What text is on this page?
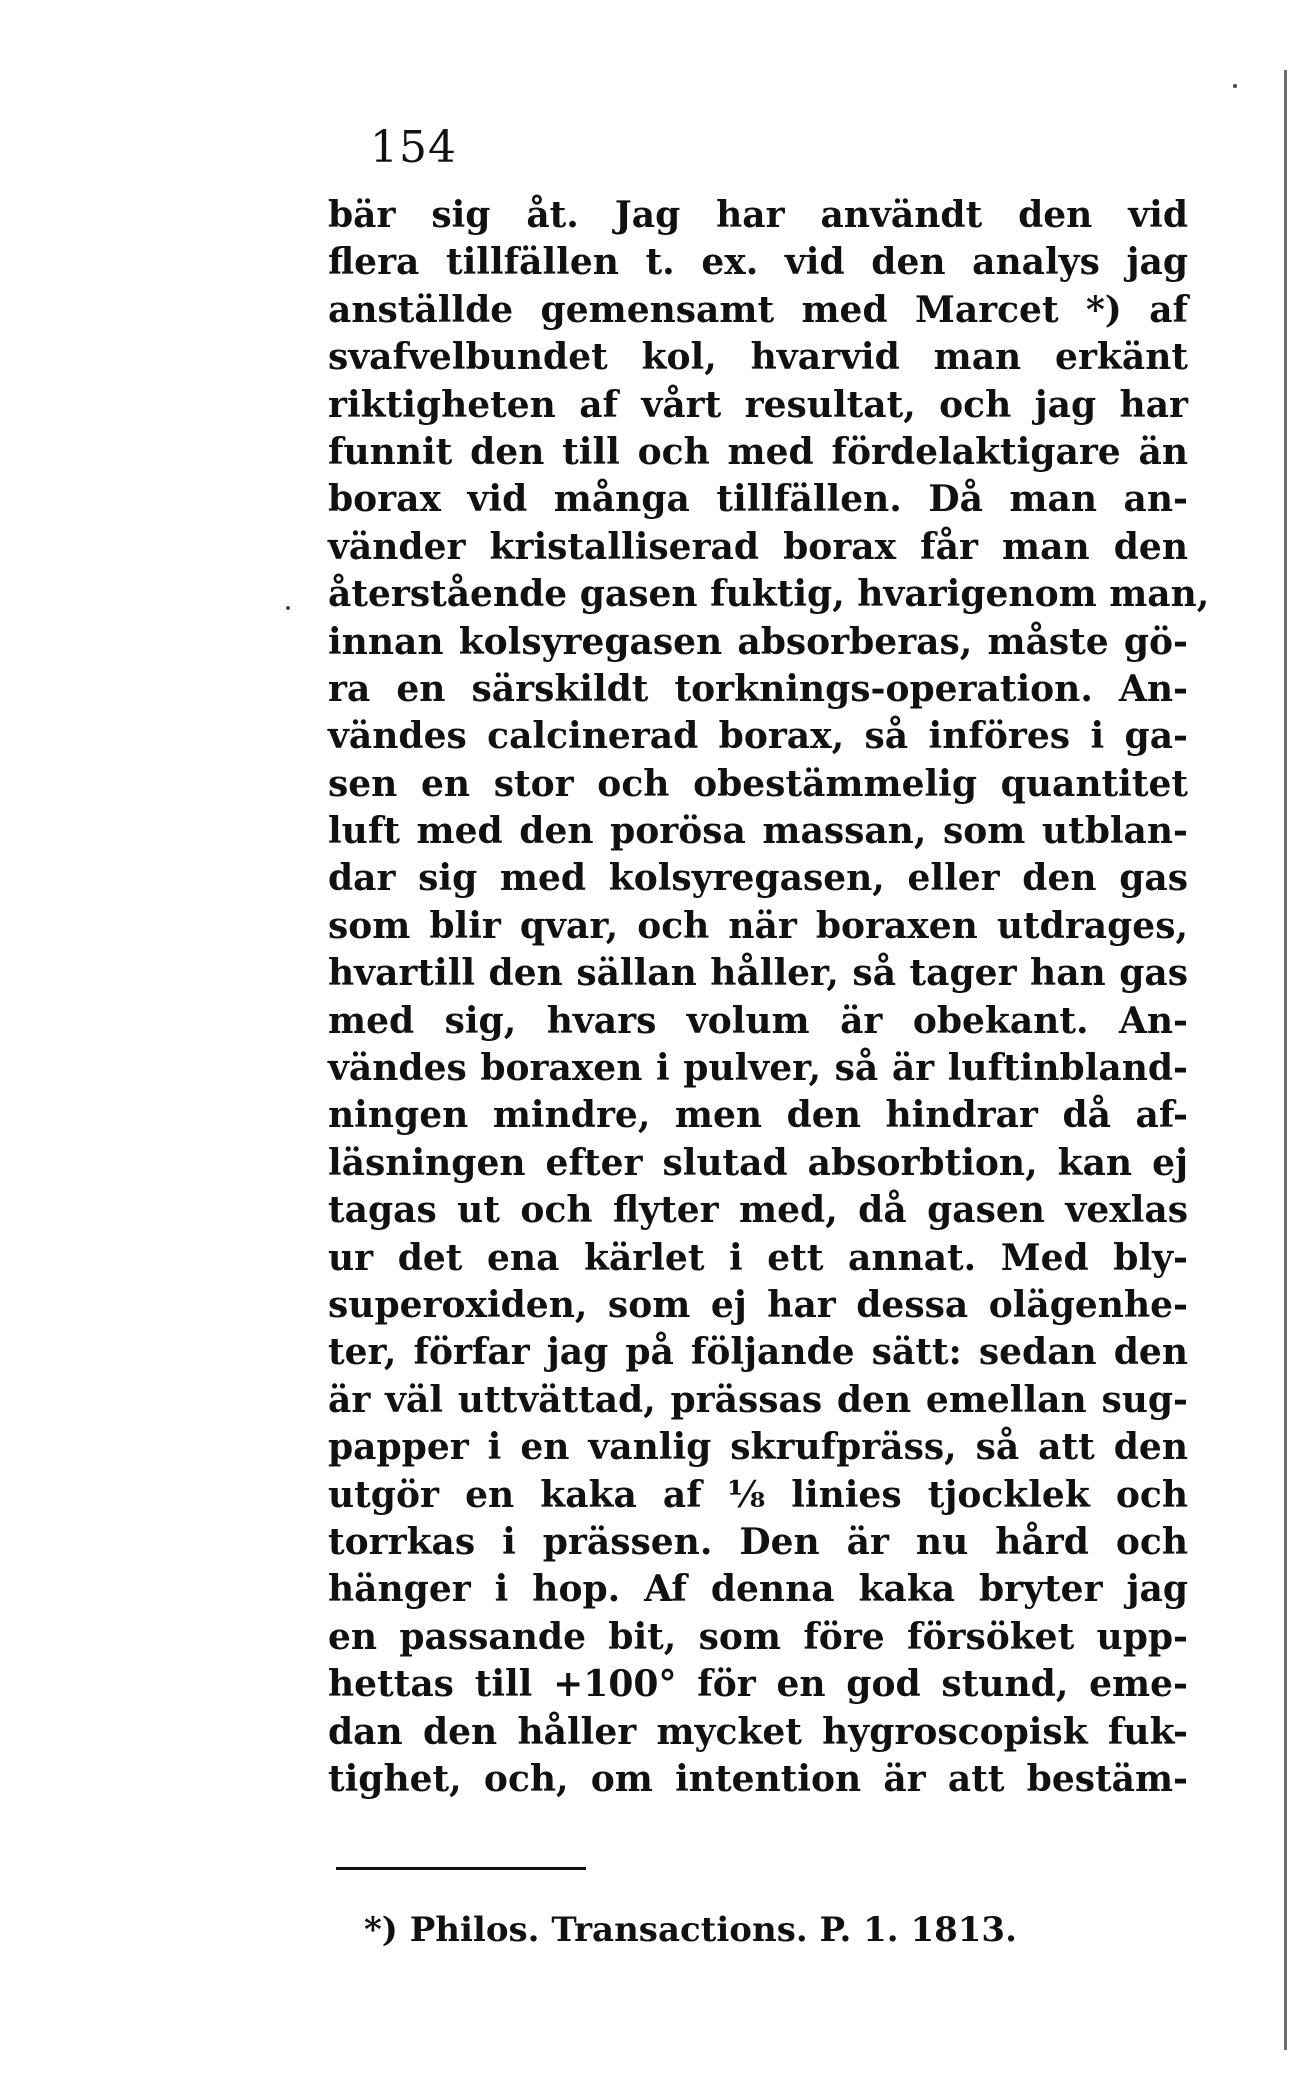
154
bär sig åt. Jag har användt den vid
flera tillfällen t. ex. vid den analys jag
anställde gemensamt med Marcet *) af
svafvelbundet kol, hvarvid man erkänt
riktigheten af vårt resultat, och jag har
funnit den till och med fördelaktigare än
borax vid många tillfällen. Då man an-
vänder kristalliserad borax får man den
återstående gasen fuktig, hvarigenom man,
innan kolsyregasen absorberas, måste gö-
ra en särskildt torknings-operation. An-
vändes calcinerad borax, så införes i ga-
sen en stor och obestämmelig quantitet
luft med den porösa massan, som utblan-
dar sig med kolsyregasen, eller den gas
som blir qvar, och när boraxen utdrages,
hvartill den sällan håller, så tager han gas
med sig, hvars volum är obekant. An-
vändes boraxen i pulver, så är luftinbland-
ningen mindre, men den hindrar då af-
läsningen efter slutad absorbtion, kan ej
tagas ut och flyter med, då gasen vexlas
ur det ena kärlet i ett annat. Med bly-
superoxiden, som ej har dessa olägenhe-
ter, förfar jag på följande sätt: sedan den
är väl uttvättad, prässas den emellan sug-
papper i en vanlig skrufpräss, så att den
utgör en kaka af ⅛ linies tjocklek och
torrkas i prässen. Den är nu hård och
hänger i hop. Af denna kaka bryter jag
en passande bit, som före försöket upp-
hettas till +100° för en god stund, eme-
dan den håller mycket hygroscopisk fuk-
tighet, och, om intention är att bestäm-
*) Philos. Transactions. P. 1. 1813.
